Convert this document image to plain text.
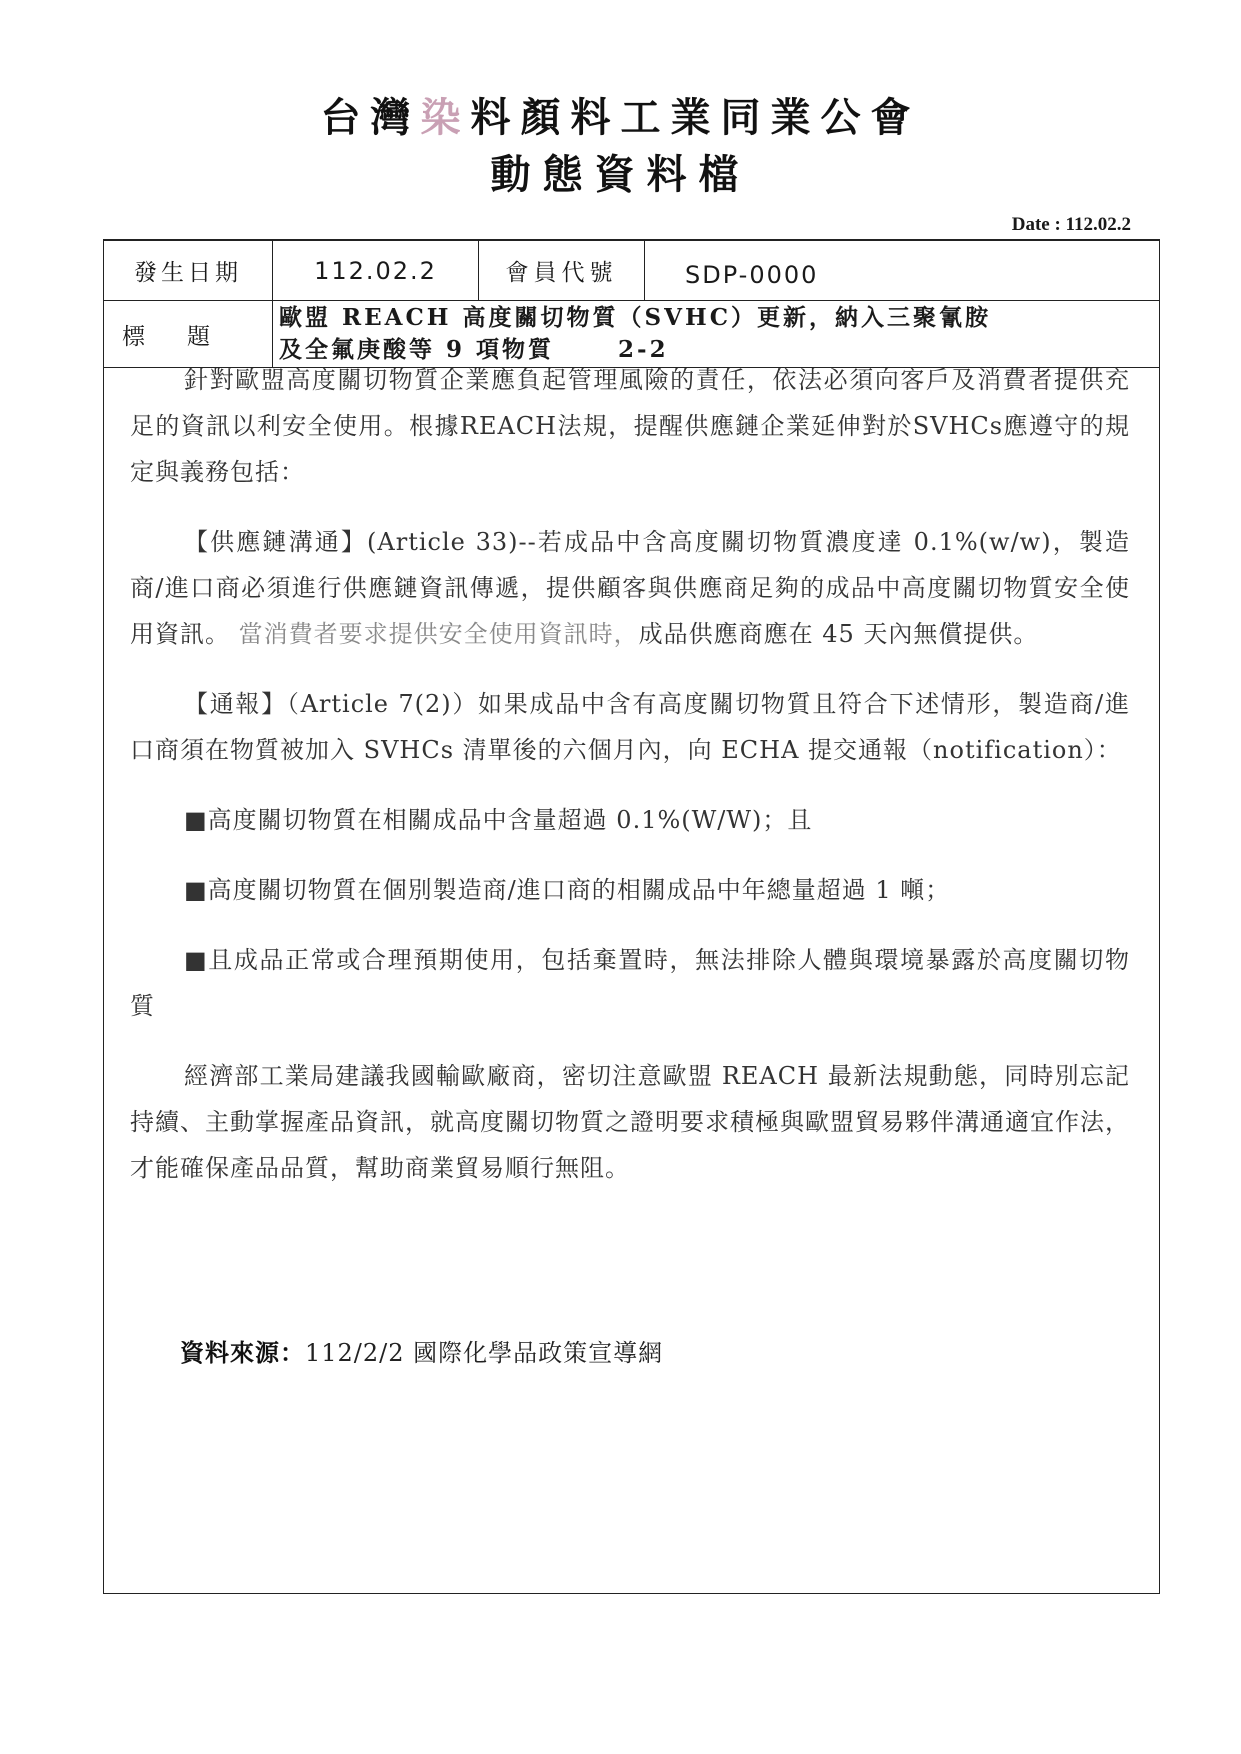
台灣染料顏料工業同業公會
動態資料檔
Date : 112.02.2
發生日期	112.02.2	會員代號	SDP-0000
標 題	歐盟 REACH 高度關切物質（SVHC）更新，納入三聚氰胺
及全氟庚酸等 9 項物質 2-2		

針對歐盟高度關切物質企業應負起管理風險的責任，依法必須向客戶及消費者提供充足的資訊以利安全使用。根據REACH法規，提醒供應鏈企業延伸對於SVHCs應遵守的規定與義務包括：

【供應鏈溝通】(Article 33)--若成品中含高度關切物質濃度達 0.1%(w/w)，製造商/進口商必須進行供應鏈資訊傳遞，提供顧客與供應商足夠的成品中高度關切物質安全使用資訊。 當消費者要求提供安全使用資訊時，成品供應商應在 45 天內無償提供。

【通報】（Article 7(2)）如果成品中含有高度關切物質且符合下述情形，製造商/進口商須在物質被加入 SVHCs 清單後的六個月內，向 ECHA 提交通報（notification）：

■高度關切物質在相關成品中含量超過 0.1%(W/W)；且

■高度關切物質在個別製造商/進口商的相關成品中年總量超過 1 噸；

■且成品正常或合理預期使用，包括棄置時，無法排除人體與環境暴露於高度關切物質

經濟部工業局建議我國輸歐廠商，密切注意歐盟 REACH 最新法規動態，同時別忘記持續、主動掌握產品資訊，就高度關切物質之證明要求積極與歐盟貿易夥伴溝通適宜作法，才能確保產品品質，幫助商業貿易順行無阻。

資料來源：112/2/2 國際化學品政策宣導網
